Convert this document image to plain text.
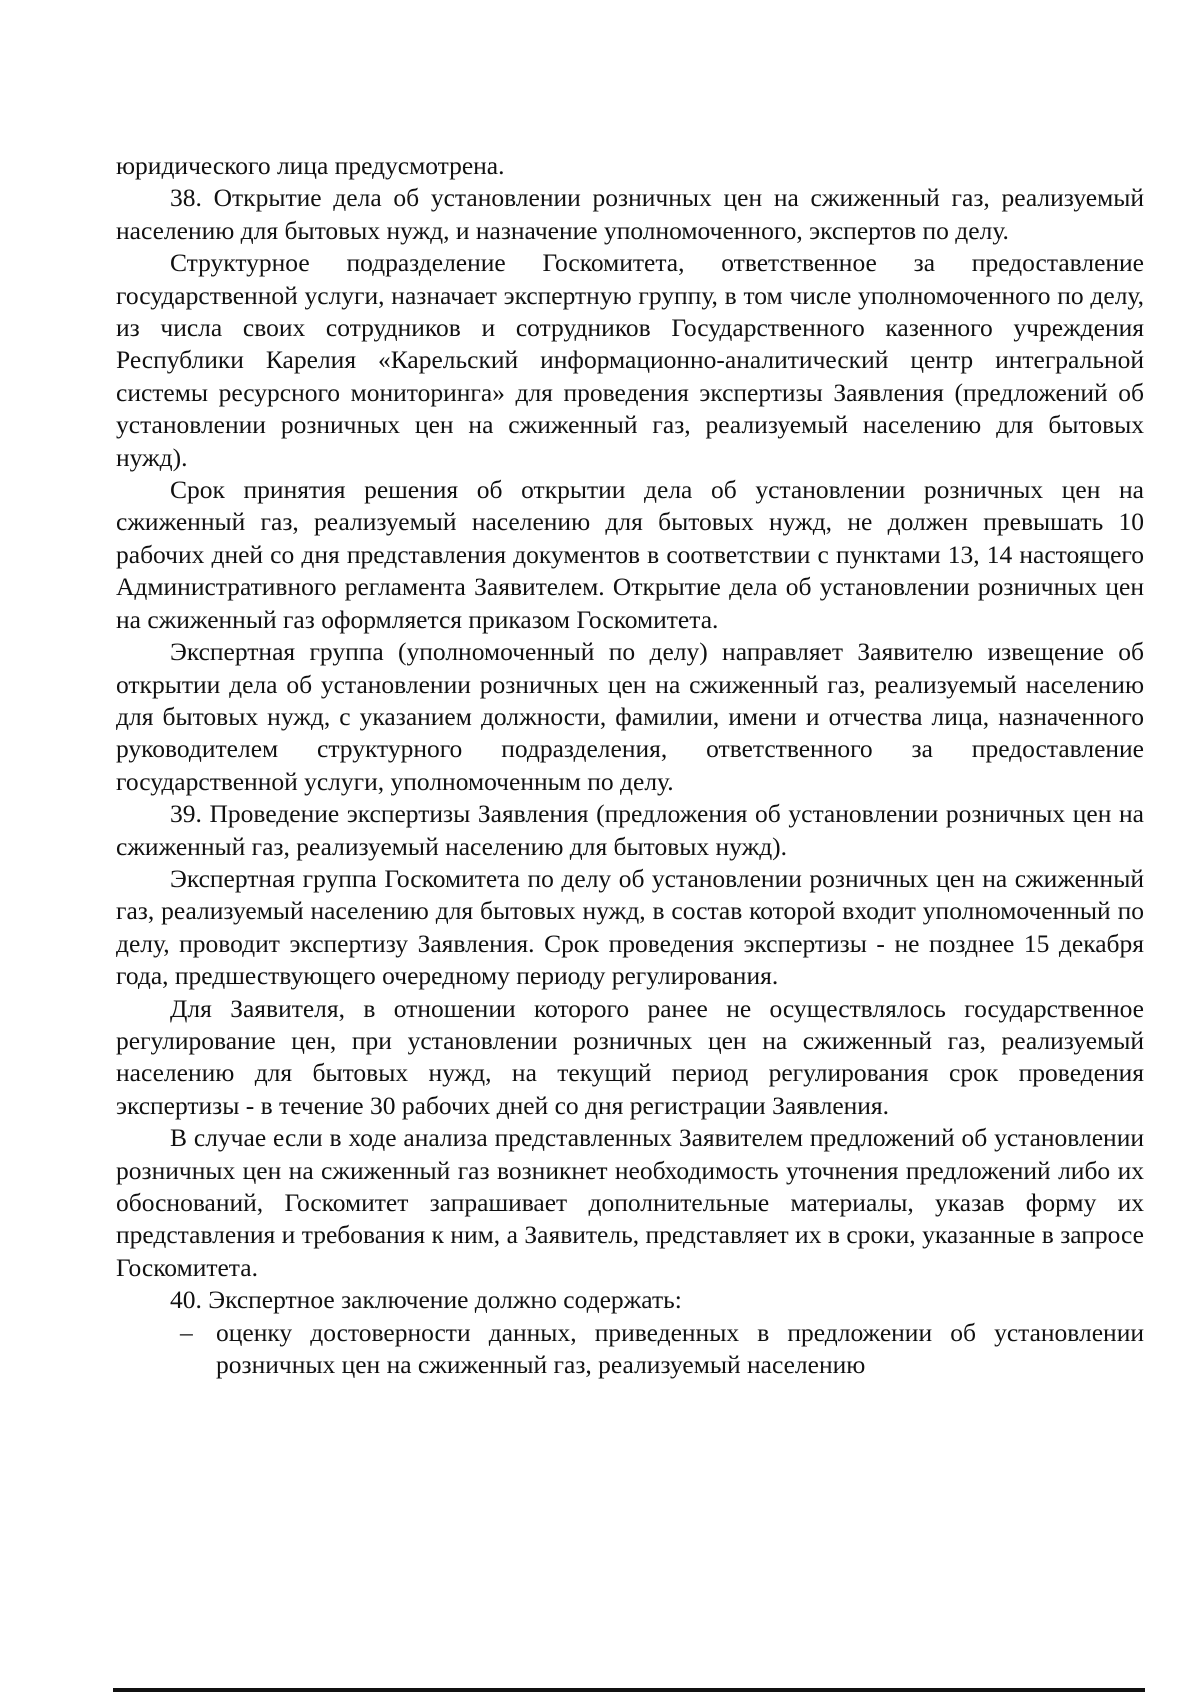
юридического лица предусмотрена.

38. Открытие дела об установлении розничных цен на сжиженный газ, реализуемый населению для бытовых нужд, и назначение уполномоченного, экспертов по делу.

Структурное подразделение Госкомитета, ответственное за предоставление государственной услуги, назначает экспертную группу, в том числе уполномоченного по делу, из числа своих сотрудников и сотрудников Государственного казенного учреждения Республики Карелия «Карельский информационно-аналитический центр интегральной системы ресурсного мониторинга» для проведения экспертизы Заявления (предложений об установлении розничных цен на сжиженный газ, реализуемый населению для бытовых нужд).

Срок принятия решения об открытии дела об установлении розничных цен на сжиженный газ, реализуемый населению для бытовых нужд, не должен превышать 10 рабочих дней со дня представления документов в соответствии с пунктами 13, 14 настоящего Административного регламента Заявителем. Открытие дела об установлении розничных цен на сжиженный газ оформляется приказом Госкомитета.

Экспертная группа (уполномоченный по делу) направляет Заявителю извещение об открытии дела об установлении розничных цен на сжиженный газ, реализуемый населению для бытовых нужд, с указанием должности, фамилии, имени и отчества лица, назначенного руководителем структурного подразделения, ответственного за предоставление государственной услуги, уполномоченным по делу.

39. Проведение экспертизы Заявления (предложения об установлении розничных цен на сжиженный газ, реализуемый населению для бытовых нужд).

Экспертная группа Госкомитета по делу об установлении розничных цен на сжиженный газ, реализуемый населению для бытовых нужд, в состав которой входит уполномоченный по делу, проводит экспертизу Заявления. Срок проведения экспертизы - не позднее 15 декабря года, предшествующего очередному периоду регулирования.

Для Заявителя, в отношении которого ранее не осуществлялось государственное регулирование цен, при установлении розничных цен на сжиженный газ, реализуемый населению для бытовых нужд, на текущий период регулирования срок проведения экспертизы - в течение 30 рабочих дней со дня регистрации Заявления.

В случае если в ходе анализа представленных Заявителем предложений об установлении розничных цен на сжиженный газ возникнет необходимость уточнения предложений либо их обоснований, Госкомитет запрашивает дополнительные материалы, указав форму их представления и требования к ним, а Заявитель, представляет их в сроки, указанные в запросе Госкомитета.

40. Экспертное заключение должно содержать:

– оценку достоверности данных, приведенных в предложении об установлении розничных цен на сжиженный газ, реализуемый населению
